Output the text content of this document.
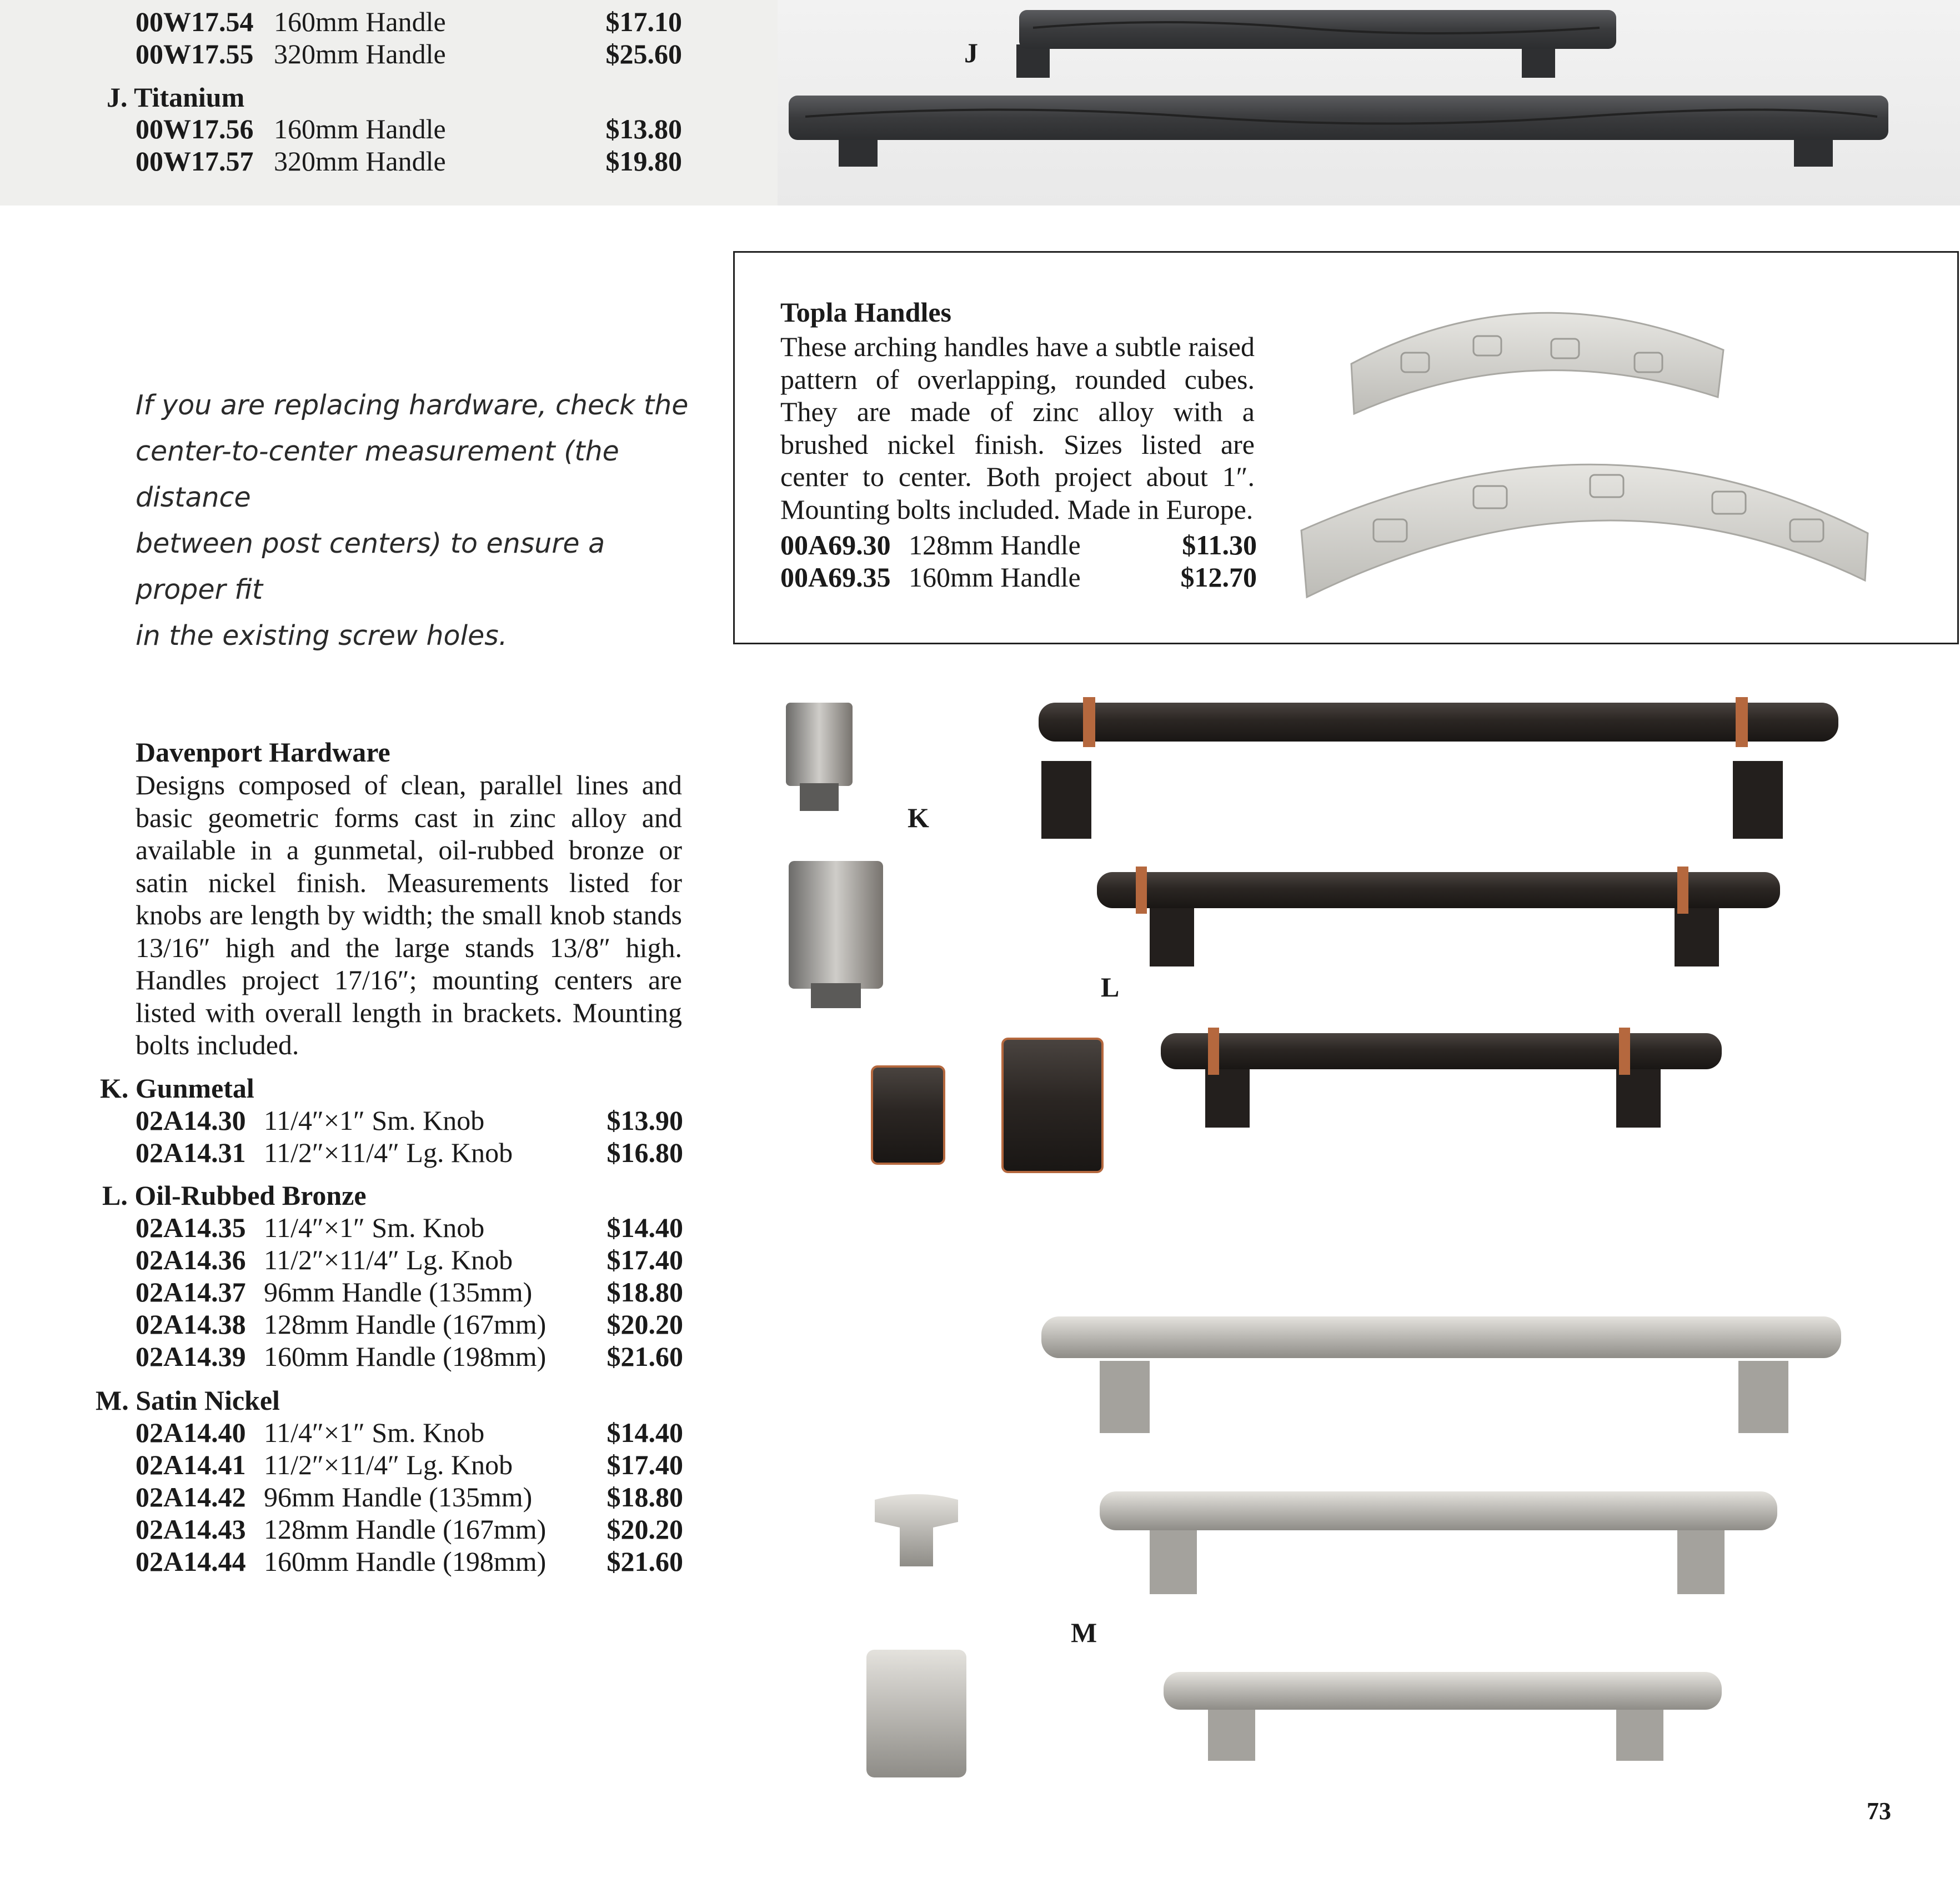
J
00W17.54 160mm Handle	$17.10
00W17.55 320mm Handle	$25.60
J. Titanium
00W17.56 160mm Handle	$13.80
00W17.57 320mm Handle	$19.80
If you are replacing hardware, check the
center-to-center measurement (the distance
between post centers) to ensure a proper fit
in the existing screw holes.
Topla Handles
These arching handles have a subtle raised pattern of overlapping, rounded cubes. They are made of zinc alloy with a brushed nickel finish. Sizes listed are center to center. Both project about 1″. Mounting bolts included. Made in Europe.
00A69.30 128mm Handle	$11.30
00A69.35 160mm Handle	$12.70
Davenport Hardware
Designs composed of clean, parallel lines and basic geometric forms cast in zinc alloy and available in a gunmetal, oil-rubbed bronze or satin nickel finish. Measurements listed for knobs are length by width; the small knob stands 13/16″ high and the large stands 13/8″ high. Handles project 17/16″; mounting centers are listed with overall length in brackets. Mounting bolts included.
K. Gunmetal
02A14.30 11/4″×1″ Sm. Knob	$13.90
02A14.31 11/2″×11/4″ Lg. Knob	$16.80
L. Oil-Rubbed Bronze
02A14.35 11/4″×1″ Sm. Knob	$14.40
02A14.36 11/2″×11/4″ Lg. Knob	$17.40
02A14.37 96mm Handle (135mm)	$18.80
02A14.38 128mm Handle (167mm) $20.20
02A14.39 160mm Handle (198mm) $21.60
M. Satin Nickel
02A14.40 11/4″×1″ Sm. Knob	$14.40
02A14.41 11/2″×11/4″ Lg. Knob	$17.40
02A14.42 96mm Handle (135mm)	$18.80
02A14.43 128mm Handle (167mm) $20.20
02A14.44 160mm Handle (198mm) $21.60
K
L
M
73
